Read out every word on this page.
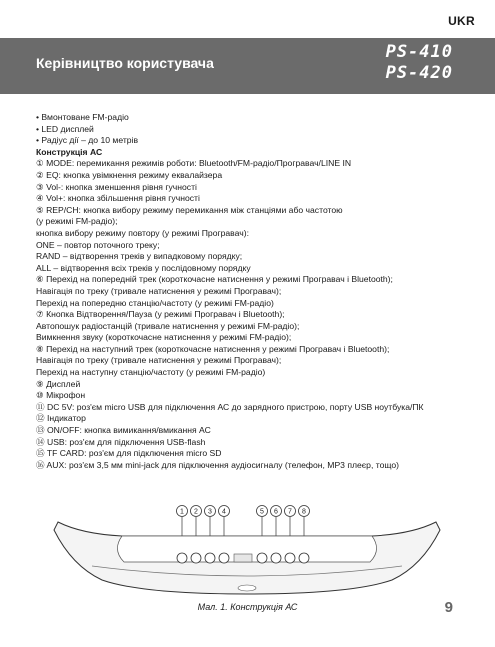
UKR
Керівництво користувача
PS-410
PS-420
• Вмонтоване FM-радіо
• LED дисплей
• Радіус дії – до 10 метрів
Конструкція АС
① MODE: перемикання режимів роботи: Bluetooth/FM-радіо/Програвач/LINE IN
② EQ: кнопка увімкнення режиму еквалайзера
③ Vol-: кнопка зменшення рівня гучності
④ Vol+: кнопка збільшення рівня гучності
⑤ REP/CH: кнопка вибору режиму перемикання між станціями або частотою
(у режимі FM-радіо);
кнопка вибору режиму повтору (у режимі Програвач):
ONE – повтор поточного треку;
RAND – відтворення треків у випадковому порядку;
ALL – відтворення всіх треків у послідовному порядку
⑥ Перехід на попередній трек (короткочасне натиснення у режимі Програвач і Bluetooth);
Навігація по треку (тривале натиснення у режимі Програвач);
Перехід на попередню станцію/частоту (у режимі FM-радіо)
⑦ Кнопка Відтворення/Пауза (у режимі Програвач і Bluetooth);
Автопошук радіостанцій (тривале натиснення у режимі FM-радіо);
Вимкнення звуку (короткочасне натиснення у режимі FM-радіо);
⑧ Перехід на наступний трек (короткочасне натиснення у режимі Програвач і Bluetooth);
Навігація по треку (тривале натиснення у режимі Програвач);
Перехід на наступну станцію/частоту (у режимі FM-радіо)
⑨ Дисплей
⑩ Мікрофон
⑪ DC 5V: роз'єм micro USB для підключення АС до зарядного пристрою, порту USB ноутбука/ПК
⑫ Індикатор
⑬ ON/OFF: кнопка вимикання/вмикання АС
⑭ USB: роз'єм для підключення USB-flash
⑮ TF CARD: роз'єм для підключення micro SD
⑯ AUX: роз'єм 3,5 мм mini-jack для підключення аудіосигналу (телефон, MP3 плеєр, тощо)
1 2 3 4	5 6 7 8
Мал. 1. Конструкція АС	9
